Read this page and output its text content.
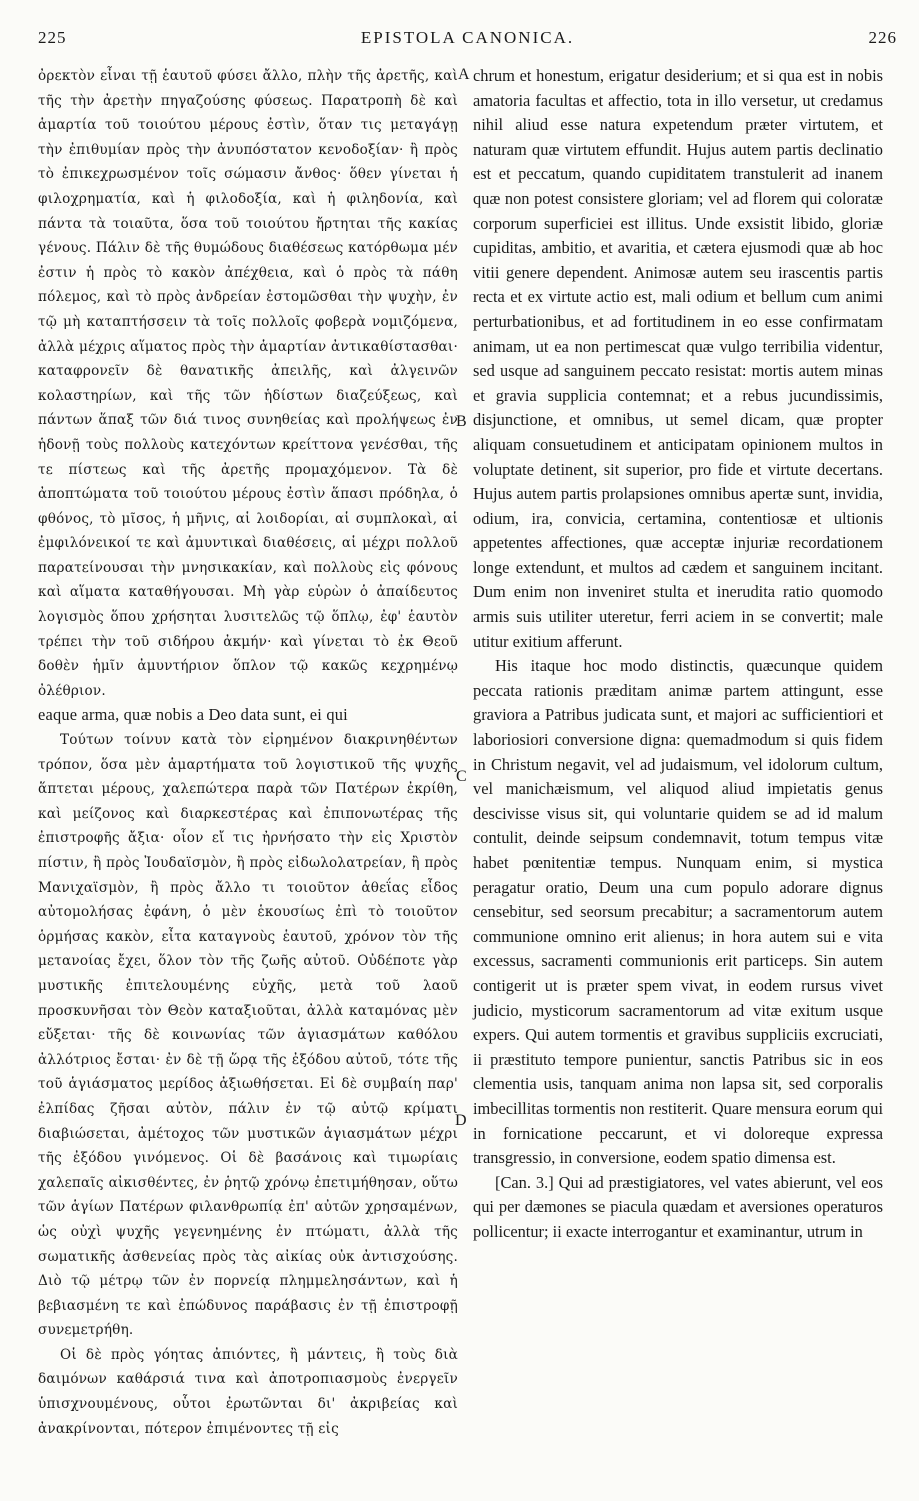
225	EPISTOLA CANONICA.	226

ὀρεκτὸν εἶναι τῇ ἑαυτοῦ φύσει ἄλλο, πλὴν τῆς ἀρετῆς, καὶ τῆς τὴν ἀρετὴν πηγαζούσης φύσεως. Παρατροπὴ δὲ καὶ ἁμαρτία τοῦ τοιούτου μέρους ἐστὶν, ὅταν τις μεταγάγῃ τὴν ἐπιθυμίαν πρὸς τὴν ἀνυπόστατον κενοδοξίαν· ἢ πρὸς τὸ ἐπικεχρωσμένον τοῖς σώμασιν ἄνθος· ὅθεν γίνεται ἡ φιλοχρηματία, καὶ ἡ φιλοδοξία, καὶ ἡ φιληδονία, καὶ πάντα τὰ τοιαῦτα, ὅσα τοῦ τοιούτου ἤρτηται τῆς κακίας γένους. Πάλιν δὲ τῆς θυμώδους διαθέσεως κατόρθωμα μέν ἐστιν ἡ πρὸς τὸ κακὸν ἀπέχθεια, καὶ ὁ πρὸς τὰ πάθη πόλεμος, καὶ τὸ πρὸς ἀνδρείαν ἐστομῶσθαι τὴν ψυχὴν, ἐν τῷ μὴ καταπτήσσειν τὰ τοῖς πολλοῖς φοβερὰ νομιζόμενα, ἀλλὰ μέχρις αἵματος πρὸς τὴν ἁμαρτίαν ἀντικαθίστασθαι· καταφρονεῖν δὲ θανατικῆς ἀπειλῆς, καὶ ἀλγεινῶν κολαστηρίων, καὶ τῆς τῶν ἡδίστων διαζεύξεως, καὶ πάντων ἅπαξ τῶν διά τινος συνηθείας καὶ προλήψεως ἐν ἡδονῇ τοὺς πολλοὺς κατεχόντων κρείττονα γενέσθαι, τῆς τε πίστεως καὶ τῆς ἀρετῆς προμαχόμενον. Τὰ δὲ ἀποπτώματα τοῦ τοιούτου μέρους ἐστὶν ἅπασι πρόδηλα, ὁ φθόνος, τὸ μῖσος, ἡ μῆνις, αἱ λοιδορίαι, αἱ συμπλοκαὶ, αἱ ἐμφιλόνεικοί τε καὶ ἀμυντικαὶ διαθέσεις, αἱ μέχρι πολλοῦ παρατείνουσαι τὴν μνησικακίαν, καὶ πολλοὺς εἰς φόνους καὶ αἵματα καταθήγουσαι. Μὴ γὰρ εὑρὼν ὁ ἀπαίδευτος λογισμὸς ὅπου χρήσηται λυσιτελῶς τῷ ὅπλῳ, ἐφ' ἑαυτὸν τρέπει τὴν τοῦ σιδήρου ἀκμήν· καὶ γίνεται τὸ ἐκ Θεοῦ δοθὲν ἡμῖν ἀμυντήριον ὅπλον τῷ κακῶς κεχρημένῳ ὀλέθριον.

eaque arma, quæ nobis a Deo data sunt, ei qui

Τούτων τοίνυν κατὰ τὸν εἰρημένον διακρινηθέντων τρόπον, ὅσα μὲν ἁμαρτήματα τοῦ λογιστικοῦ τῆς ψυχῆς ἅπτεται μέρους, χαλεπώτερα παρὰ τῶν Πατέρων ἐκρίθη, καὶ μείζονος καὶ διαρκεστέρας καὶ ἐπιπονωτέρας τῆς ἐπιστροφῆς ἄξια· οἷον εἴ τις ἠρνήσατο τὴν εἰς Χριστὸν πίστιν, ἢ πρὸς Ἰουδαϊσμὸν, ἢ πρὸς εἰδωλολατρείαν, ἢ πρὸς Μανιχαϊσμὸν, ἢ πρὸς ἄλλο τι τοιοῦτον ἀθεΐας εἶδος αὐτομολήσας ἐφάνη, ὁ μὲν ἑκουσίως ἐπὶ τὸ τοιοῦτον ὁρμήσας κακὸν, εἶτα καταγνοὺς ἑαυτοῦ, χρόνον τὸν τῆς μετανοίας ἔχει, ὅλον τὸν τῆς ζωῆς αὐτοῦ. Οὐδέποτε γὰρ μυστικῆς ἐπιτελουμένης εὐχῆς, μετὰ τοῦ λαοῦ προσκυνῆσαι τὸν Θεὸν καταξιοῦται, ἀλλὰ καταμόνας μὲν εὔξεται· τῆς δὲ κοινωνίας τῶν ἁγιασμάτων καθόλου ἀλλότριος ἔσται· ἐν δὲ τῇ ὥρᾳ τῆς ἐξόδου αὐτοῦ, τότε τῆς τοῦ ἁγιάσματος μερίδος ἀξιωθήσεται. Εἰ δὲ συμβαίη παρ' ἐλπίδας ζῆσαι αὐτὸν, πάλιν ἐν τῷ αὐτῷ κρίματι διαβιώσεται, ἀμέτοχος τῶν μυστικῶν ἁγιασμάτων μέχρι τῆς ἐξόδου γινόμενος. Οἱ δὲ βασάνοις καὶ τιμωρίαις χαλεπαῖς αἰκισθέντες, ἐν ῥητῷ χρόνῳ ἐπετιμήθησαν, οὕτω τῶν ἁγίων Πατέρων φιλανθρωπίᾳ ἐπ' αὐτῶν χρησαμένων, ὡς οὐχὶ ψυχῆς γεγενημένης ἐν πτώματι, ἀλλὰ τῆς σωματικῆς ἀσθενείας πρὸς τὰς αἰκίας οὐκ ἀντισχούσης. Διὸ τῷ μέτρῳ τῶν ἐν πορνείᾳ πλημμελησάντων, καὶ ἡ βεβιασμένη τε καὶ ἐπώδυνος παράβασις ἐν τῇ ἐπιστροφῇ συνεμετρήθη.

Οἱ δὲ πρὸς γόητας ἀπιόντες, ἢ μάντεις, ἢ τοὺς διὰ δαιμόνων καθάρσιά τινα καὶ ἀποτροπιασμοὺς ἐνεργεῖν ὑπισχνουμένους, οὗτοι ἐρωτῶνται δι' ἀκριβείας καὶ ἀνακρίνονται, πότερον ἐπιμένοντες τῇ εἰς

A
B
C
D

chrum et honestum, erigatur desiderium; et si qua est in nobis amatoria facultas et affectio, tota in illo versetur, ut credamus nihil aliud esse natura expetendum præter virtutem, et naturam quæ virtutem effundit. Hujus autem partis declinatio est et peccatum, quando cupiditatem transtulerit ad inanem quæ non potest consistere gloriam; vel ad florem qui coloratæ corporum superficiei est illitus. Unde exsistit libido, gloriæ cupiditas, ambitio, et avaritia, et cætera ejusmodi quæ ab hoc vitii genere dependent. Animosæ autem seu irascentis partis recta et ex virtute actio est, mali odium et bellum cum animi perturbationibus, et ad fortitudinem in eo esse confirmatam animam, ut ea non pertimescat quæ vulgo terribilia videntur, sed usque ad sanguinem peccato resistat: mortis autem minas et gravia supplicia contemnat; et a rebus jucundissimis, disjunctione, et omnibus, ut semel dicam, quæ propter aliquam consuetudinem et anticipatam opinionem multos in voluptate detinent, sit superior, pro fide et virtute decertans. Hujus autem partis prolapsiones omnibus apertæ sunt, invidia, odium, ira, convicia, certamina, contentiosæ et ultionis appetentes affectiones, quæ acceptæ injuriæ recordationem longe extendunt, et multos ad cædem et sanguinem incitant. Dum enim non inveniret stulta et inerudita ratio quomodo armis suis utiliter uteretur, ferri aciem in se convertit; male utitur exitium afferunt.

His itaque hoc modo distinctis, quæcunque quidem peccata rationis præditam animæ partem attingunt, esse graviora a Patribus judicata sunt, et majori ac sufficientiori et laboriosiori conversione digna: quemadmodum si quis fidem in Christum negavit, vel ad judaismum, vel idolorum cultum, vel manichæismum, vel aliquod aliud impietatis genus descivisse visus sit, qui voluntarie quidem se ad id malum contulit, deinde seipsum condemnavit, totum tempus vitæ habet pœnitentiæ tempus. Nunquam enim, si mystica peragatur oratio, Deum una cum populo adorare dignus censebitur, sed seorsum precabitur; a sacramentorum autem communione omnino erit alienus; in hora autem sui e vita excessus, sacramenti communionis erit particeps. Sin autem contigerit ut is præter spem vivat, in eodem rursus vivet judicio, mysticorum sacramentorum ad vitæ exitum usque expers. Qui autem tormentis et gravibus suppliciis excruciati, ii præstituto tempore punientur, sanctis Patribus sic in eos clementia usis, tanquam anima non lapsa sit, sed corporalis imbecillitas tormentis non restiterit. Quare mensura eorum qui in fornicatione peccarunt, et vi doloreque expressa transgressio, in conversione, eodem spatio dimensa est.

[Can. 3.] Qui ad præstigiatores, vel vates abierunt, vel eos qui per dæmones se piacula quædam et aversiones operaturos pollicentur; ii exacte interrogantur et examinantur, utrum in
